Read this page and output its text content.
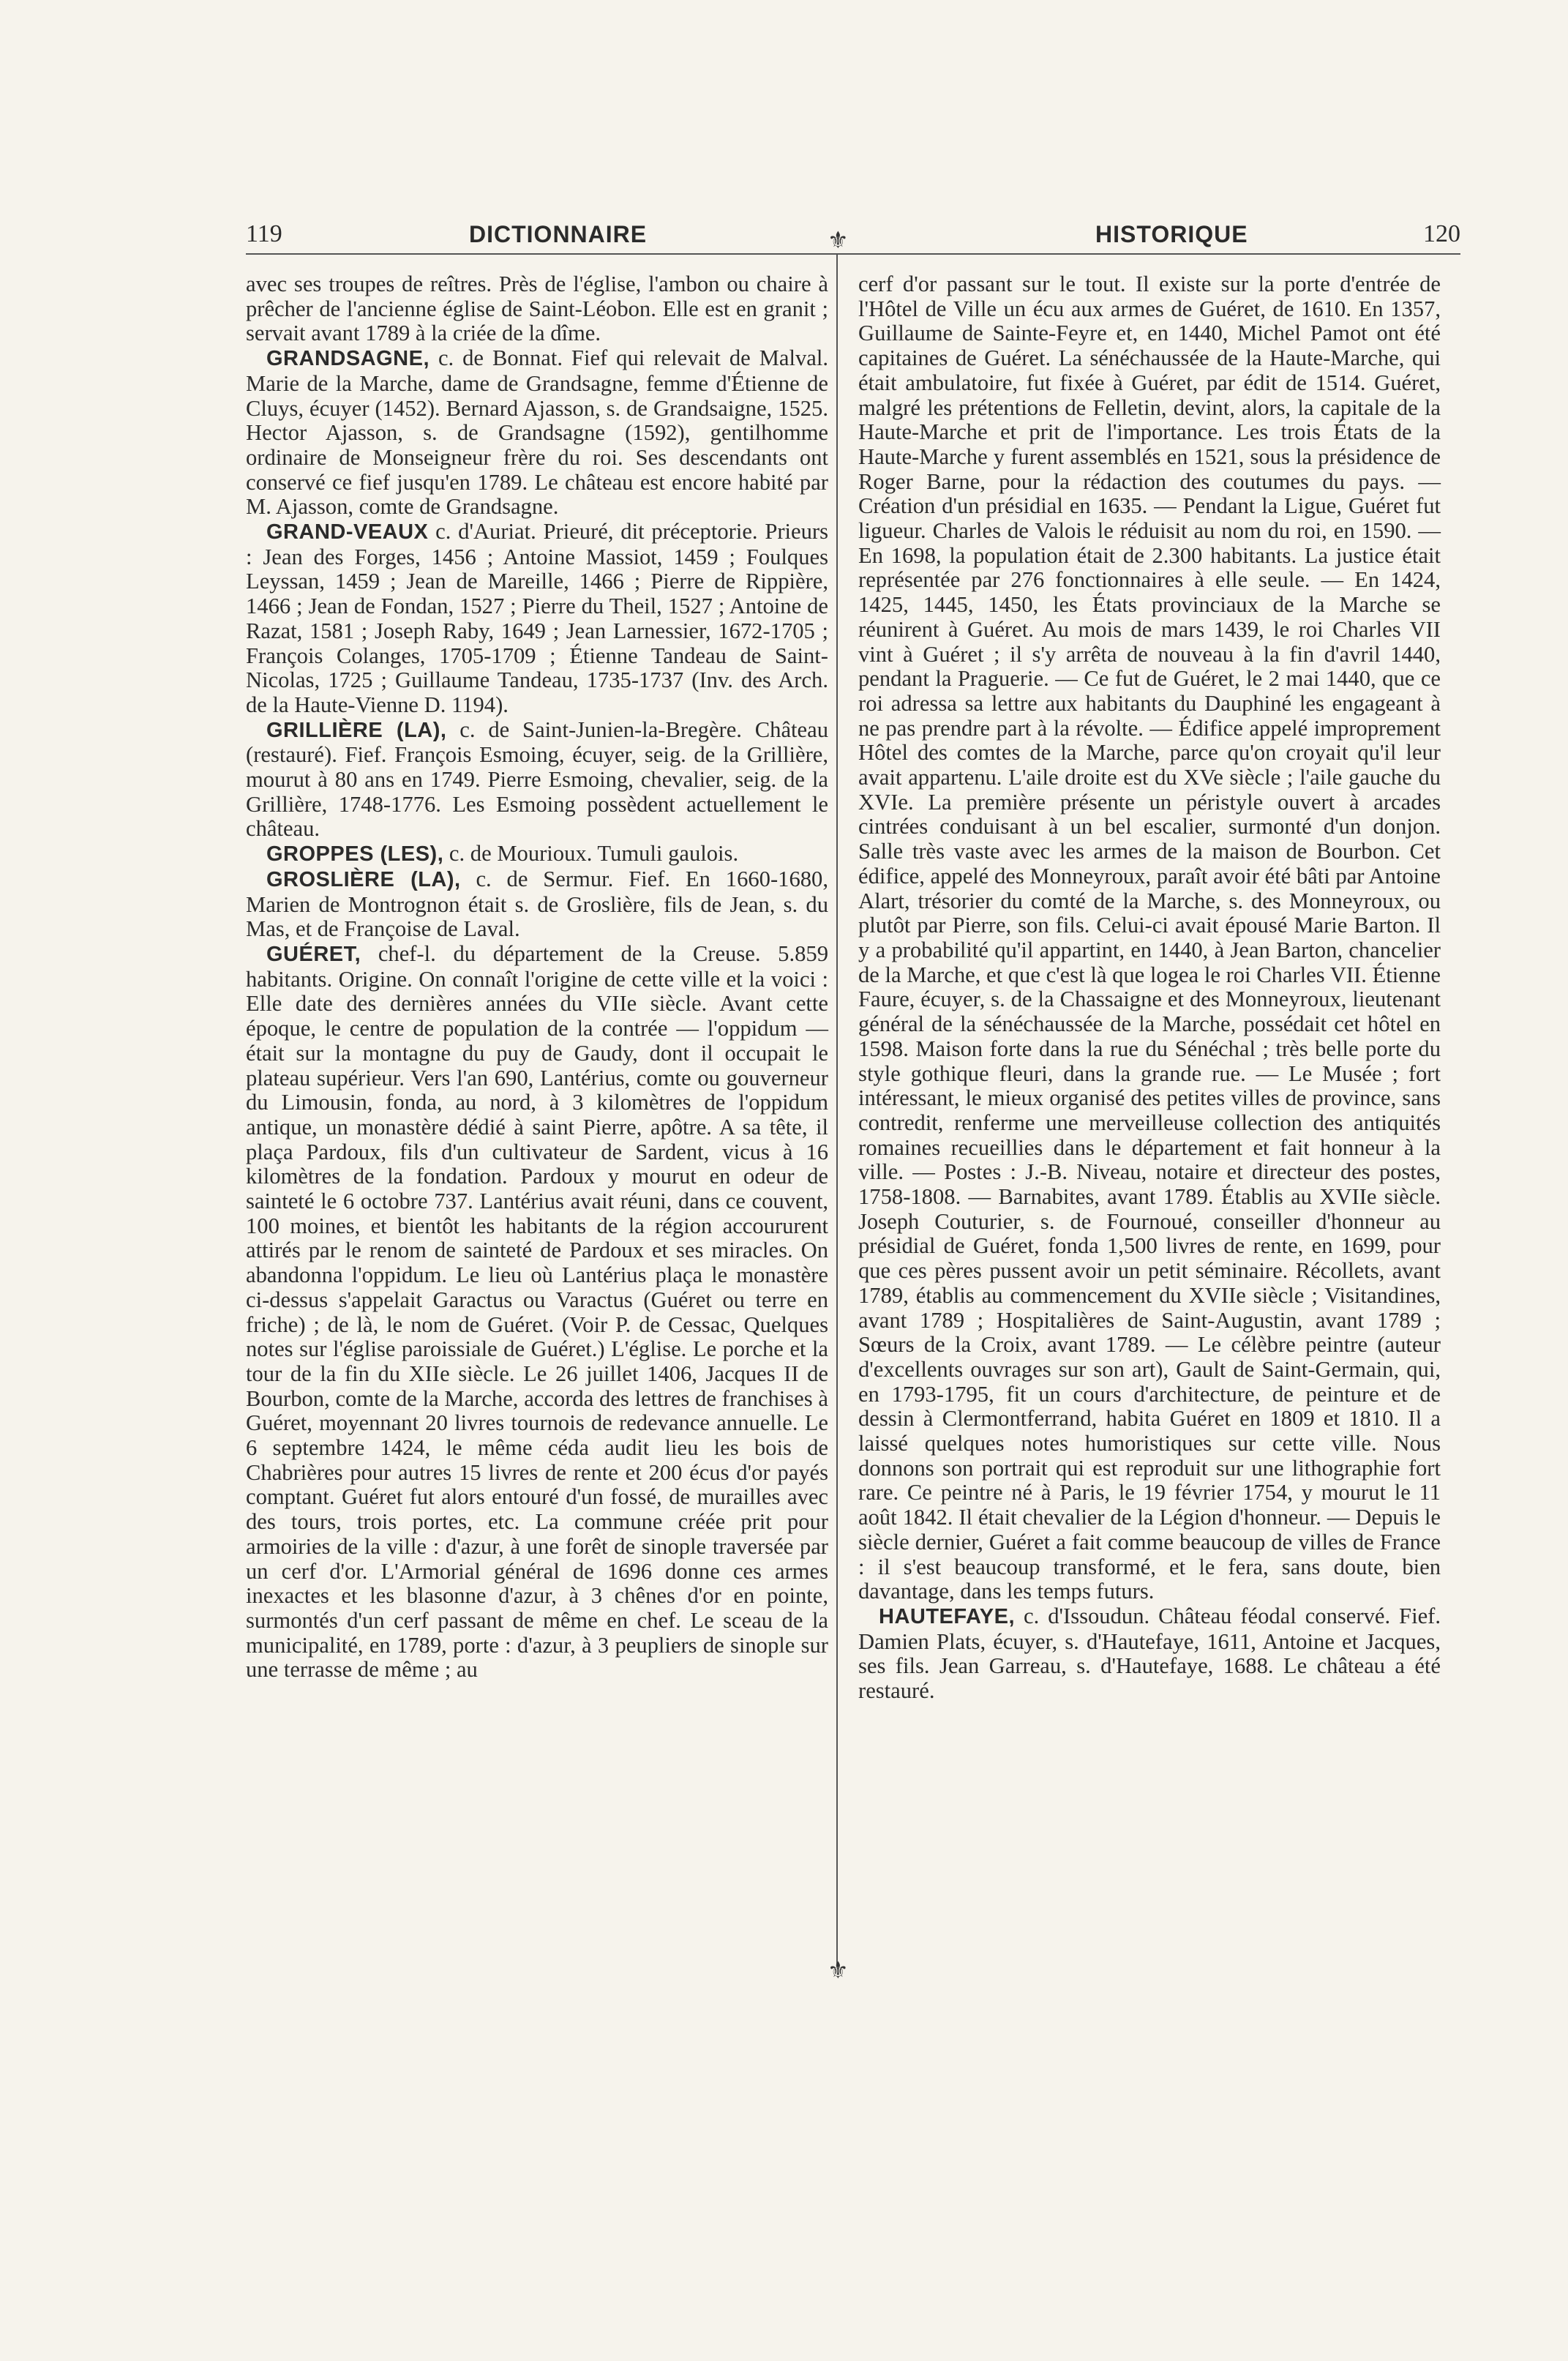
119	DICTIONNAIRE	HISTORIQUE	120
⚜
⚜

avec ses troupes de reîtres. Près de l'église, l'ambon ou chaire à prêcher de l'ancienne église de Saint-Léobon. Elle est en granit ; servait avant 1789 à la criée de la dîme.

GRANDSAGNE, c. de Bonnat. Fief qui relevait de Malval. Marie de la Marche, dame de Grandsagne, femme d'Étienne de Cluys, écuyer (1452). Bernard Ajasson, s. de Grandsaigne, 1525. Hector Ajasson, s. de Grandsagne (1592), gentilhomme ordinaire de Monseigneur frère du roi. Ses descendants ont conservé ce fief jusqu'en 1789. Le château est encore habité par M. Ajasson, comte de Grandsagne.

GRAND-VEAUX c. d'Auriat. Prieuré, dit préceptorie. Prieurs : Jean des Forges, 1456 ; Antoine Massiot, 1459 ; Foulques Leyssan, 1459 ; Jean de Mareille, 1466 ; Pierre de Rippière, 1466 ; Jean de Fondan, 1527 ; Pierre du Theil, 1527 ; Antoine de Razat, 1581 ; Joseph Raby, 1649 ; Jean Larnessier, 1672-1705 ; François Colanges, 1705-1709 ; Étienne Tandeau de Saint-Nicolas, 1725 ; Guillaume Tandeau, 1735-1737 (Inv. des Arch. de la Haute-Vienne D. 1194).

GRILLIÈRE (LA), c. de Saint-Junien-la-Bregère. Château (restauré). Fief. François Esmoing, écuyer, seig. de la Grillière, mourut à 80 ans en 1749. Pierre Esmoing, chevalier, seig. de la Grillière, 1748-1776. Les Esmoing possèdent actuellement le château.

GROPPES (LES), c. de Mourioux. Tumuli gaulois.

GROSLIÈRE (LA), c. de Sermur. Fief. En 1660-1680, Marien de Montrognon était s. de Groslière, fils de Jean, s. du Mas, et de Françoise de Laval.

GUÉRET, chef-l. du département de la Creuse. 5.859 habitants. Origine. On connaît l'origine de cette ville et la voici : Elle date des dernières années du VIIe siècle. Avant cette époque, le centre de population de la contrée — l'oppidum — était sur la montagne du puy de Gaudy, dont il occupait le plateau supérieur. Vers l'an 690, Lantérius, comte ou gouverneur du Limousin, fonda, au nord, à 3 kilomètres de l'oppidum antique, un monastère dédié à saint Pierre, apôtre. A sa tête, il plaça Pardoux, fils d'un cultivateur de Sardent, vicus à 16 kilomètres de la fondation. Pardoux y mourut en odeur de sainteté le 6 octobre 737. Lantérius avait réuni, dans ce couvent, 100 moines, et bientôt les habitants de la région accoururent attirés par le renom de sainteté de Pardoux et ses miracles. On abandonna l'oppidum. Le lieu où Lantérius plaça le monastère ci-dessus s'appelait Garactus ou Varactus (Guéret ou terre en friche) ; de là, le nom de Guéret. (Voir P. de Cessac, Quelques notes sur l'église paroissiale de Guéret.) L'église. Le porche et la tour de la fin du XIIe siècle. Le 26 juillet 1406, Jacques II de Bourbon, comte de la Marche, accorda des lettres de franchises à Guéret, moyennant 20 livres tournois de redevance annuelle. Le 6 septembre 1424, le même céda audit lieu les bois de Chabrières pour autres 15 livres de rente et 200 écus d'or payés comptant. Guéret fut alors entouré d'un fossé, de murailles avec des tours, trois portes, etc. La commune créée prit pour armoiries de la ville : d'azur, à une forêt de sinople traversée par un cerf d'or. L'Armorial général de 1696 donne ces armes inexactes et les blasonne d'azur, à 3 chênes d'or en pointe, surmontés d'un cerf passant de même en chef. Le sceau de la municipalité, en 1789, porte : d'azur, à 3 peupliers de sinople sur une terrasse de même ; au

cerf d'or passant sur le tout. Il existe sur la porte d'entrée de l'Hôtel de Ville un écu aux armes de Guéret, de 1610. En 1357, Guillaume de Sainte-Feyre et, en 1440, Michel Pamot ont été capitaines de Guéret. La sénéchaussée de la Haute-Marche, qui était ambulatoire, fut fixée à Guéret, par édit de 1514. Guéret, malgré les prétentions de Felletin, devint, alors, la capitale de la Haute-Marche et prit de l'importance. Les trois États de la Haute-Marche y furent assemblés en 1521, sous la présidence de Roger Barne, pour la rédaction des coutumes du pays. — Création d'un présidial en 1635. — Pendant la Ligue, Guéret fut ligueur. Charles de Valois le réduisit au nom du roi, en 1590. — En 1698, la population était de 2.300 habitants. La justice était représentée par 276 fonctionnaires à elle seule. — En 1424, 1425, 1445, 1450, les États provinciaux de la Marche se réunirent à Guéret. Au mois de mars 1439, le roi Charles VII vint à Guéret ; il s'y arrêta de nouveau à la fin d'avril 1440, pendant la Praguerie. — Ce fut de Guéret, le 2 mai 1440, que ce roi adressa sa lettre aux habitants du Dauphiné les engageant à ne pas prendre part à la révolte. — Édifice appelé improprement Hôtel des comtes de la Marche, parce qu'on croyait qu'il leur avait appartenu. L'aile droite est du XVe siècle ; l'aile gauche du XVIe. La première présente un péristyle ouvert à arcades cintrées conduisant à un bel escalier, surmonté d'un donjon. Salle très vaste avec les armes de la maison de Bourbon. Cet édifice, appelé des Monneyroux, paraît avoir été bâti par Antoine Alart, trésorier du comté de la Marche, s. des Monneyroux, ou plutôt par Pierre, son fils. Celui-ci avait épousé Marie Barton. Il y a probabilité qu'il appartint, en 1440, à Jean Barton, chancelier de la Marche, et que c'est là que logea le roi Charles VII. Étienne Faure, écuyer, s. de la Chassaigne et des Monneyroux, lieutenant général de la sénéchaussée de la Marche, possédait cet hôtel en 1598. Maison forte dans la rue du Sénéchal ; très belle porte du style gothique fleuri, dans la grande rue. — Le Musée ; fort intéressant, le mieux organisé des petites villes de province, sans contredit, renferme une merveilleuse collection des antiquités romaines recueillies dans le département et fait honneur à la ville. — Postes : J.-B. Niveau, notaire et directeur des postes, 1758-1808. — Barnabites, avant 1789. Établis au XVIIe siècle. Joseph Couturier, s. de Fournoué, conseiller d'honneur au présidial de Guéret, fonda 1,500 livres de rente, en 1699, pour que ces pères pussent avoir un petit séminaire. Récollets, avant 1789, établis au commencement du XVIIe siècle ; Visitandines, avant 1789 ; Hospitalières de Saint-Augustin, avant 1789 ; Sœurs de la Croix, avant 1789. — Le célèbre peintre (auteur d'excellents ouvrages sur son art), Gault de Saint-Germain, qui, en 1793-1795, fit un cours d'architecture, de peinture et de dessin à Clermontferrand, habita Guéret en 1809 et 1810. Il a laissé quelques notes humoristiques sur cette ville. Nous donnons son portrait qui est reproduit sur une lithographie fort rare. Ce peintre né à Paris, le 19 février 1754, y mourut le 11 août 1842. Il était chevalier de la Légion d'honneur. — Depuis le siècle dernier, Guéret a fait comme beaucoup de villes de France : il s'est beaucoup transformé, et le fera, sans doute, bien davantage, dans les temps futurs.

HAUTEFAYE, c. d'Issoudun. Château féodal conservé. Fief. Damien Plats, écuyer, s. d'Hautefaye, 1611, Antoine et Jacques, ses fils. Jean Garreau, s. d'Hautefaye, 1688. Le château a été restauré.
